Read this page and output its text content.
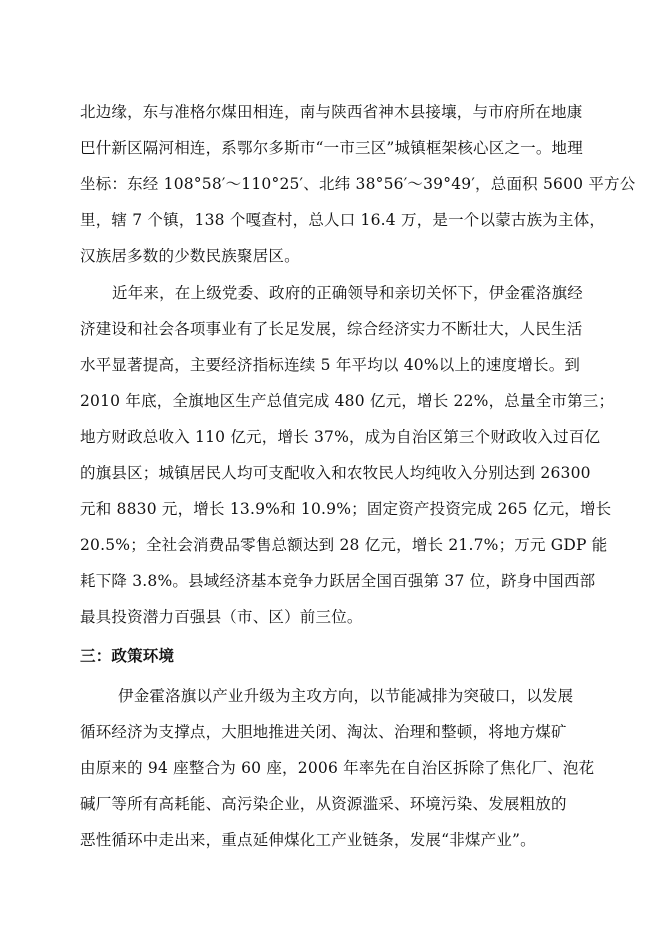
北边缘，东与准格尔煤田相连，南与陕西省神木县接壤，与市府所在地康
巴什新区隔河相连，系鄂尔多斯市“一市三区”城镇框架核心区之一。地理
坐标：东经 108°58′～110°25′、北纬 38°56′～39°49′，总面积 5600 平方公
里，辖 7 个镇，138 个嘎查村，总人口 16.4 万，是一个以蒙古族为主体，
汉族居多数的少数民族聚居区。
近年来，在上级党委、政府的正确领导和亲切关怀下，伊金霍洛旗经
济建设和社会各项事业有了长足发展，综合经济实力不断壮大，人民生活
水平显著提高，主要经济指标连续 5 年平均以 40%以上的速度增长。到
2010 年底，全旗地区生产总值完成 480 亿元，增长 22%，总量全市第三；
地方财政总收入 110 亿元，增长 37%，成为自治区第三个财政收入过百亿
的旗县区；城镇居民人均可支配收入和农牧民人均纯收入分别达到 26300
元和 8830 元，增长 13.9%和 10.9%；固定资产投资完成 265 亿元，增长
20.5%；全社会消费品零售总额达到 28 亿元，增长 21.7%；万元 GDP 能
耗下降 3.8%。县域经济基本竞争力跃居全国百强第 37 位，跻身中国西部
最具投资潜力百强县（市、区）前三位。
三：政策环境
伊金霍洛旗以产业升级为主攻方向，以节能减排为突破口，以发展
循环经济为支撑点，大胆地推进关闭、淘汰、治理和整顿，将地方煤矿
由原来的 94 座整合为 60 座，2006 年率先在自治区拆除了焦化厂、泡花
碱厂等所有高耗能、高污染企业，从资源滥采、环境污染、发展粗放的
恶性循环中走出来，重点延伸煤化工产业链条，发展“非煤产业”。
